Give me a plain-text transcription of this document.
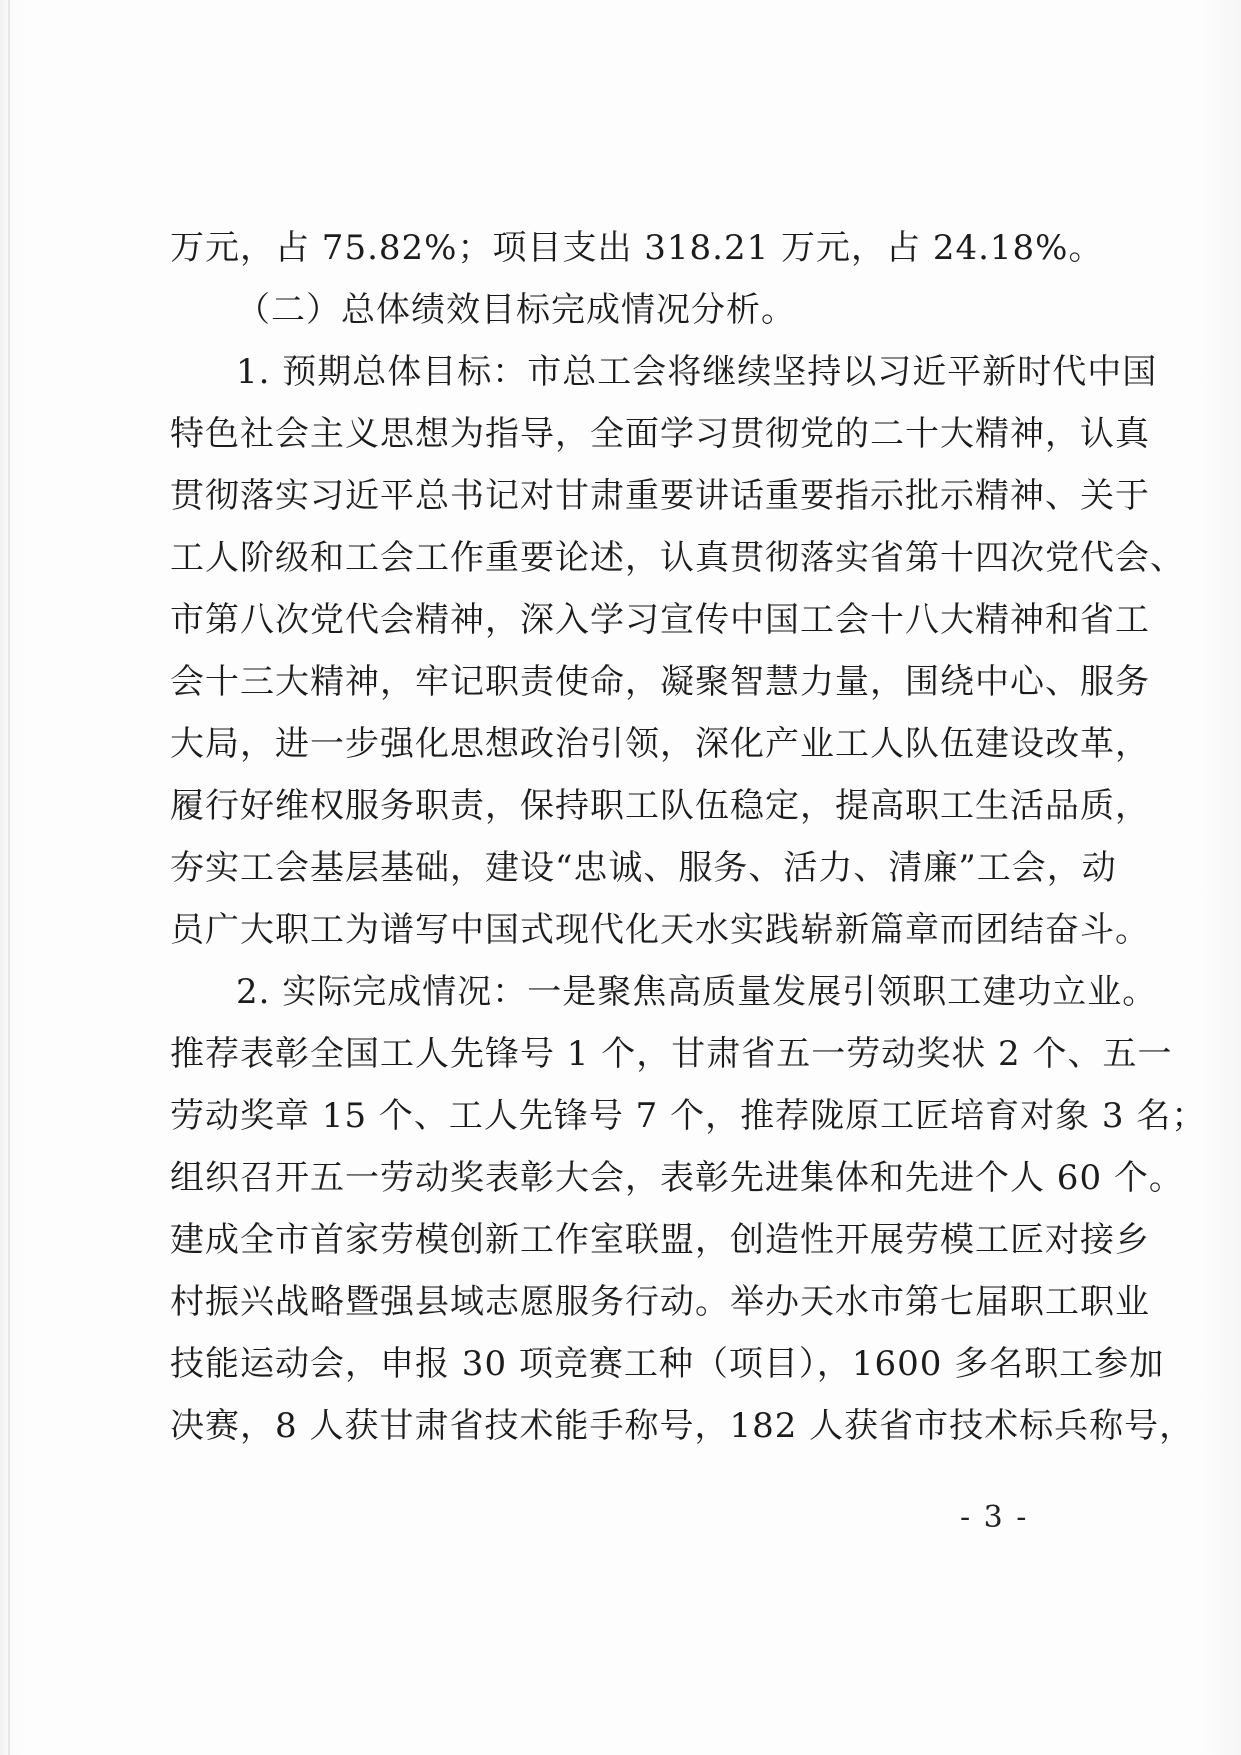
万元，占 75.82%；项目支出 318.21 万元，占 24.18%。
（二）总体绩效目标完成情况分析。
1. 预期总体目标：市总工会将继续坚持以习近平新时代中国
特色社会主义思想为指导，全面学习贯彻党的二十大精神，认真
贯彻落实习近平总书记对甘肃重要讲话重要指示批示精神、关于
工人阶级和工会工作重要论述，认真贯彻落实省第十四次党代会、
市第八次党代会精神，深入学习宣传中国工会十八大精神和省工
会十三大精神，牢记职责使命，凝聚智慧力量，围绕中心、服务
大局，进一步强化思想政治引领，深化产业工人队伍建设改革，
履行好维权服务职责，保持职工队伍稳定，提高职工生活品质，
夯实工会基层基础，建设“忠诚、服务、活力、清廉”工会，动
员广大职工为谱写中国式现代化天水实践崭新篇章而团结奋斗。
2. 实际完成情况：一是聚焦高质量发展引领职工建功立业。
推荐表彰全国工人先锋号 1 个，甘肃省五一劳动奖状 2 个、五一
劳动奖章 15 个、工人先锋号 7 个，推荐陇原工匠培育对象 3 名；
组织召开五一劳动奖表彰大会，表彰先进集体和先进个人 60 个。
建成全市首家劳模创新工作室联盟，创造性开展劳模工匠对接乡
村振兴战略暨强县域志愿服务行动。举办天水市第七届职工职业
技能运动会，申报 30 项竞赛工种（项目），1600 多名职工参加
决赛，8 人获甘肃省技术能手称号，182 人获省市技术标兵称号，
- 3 -
